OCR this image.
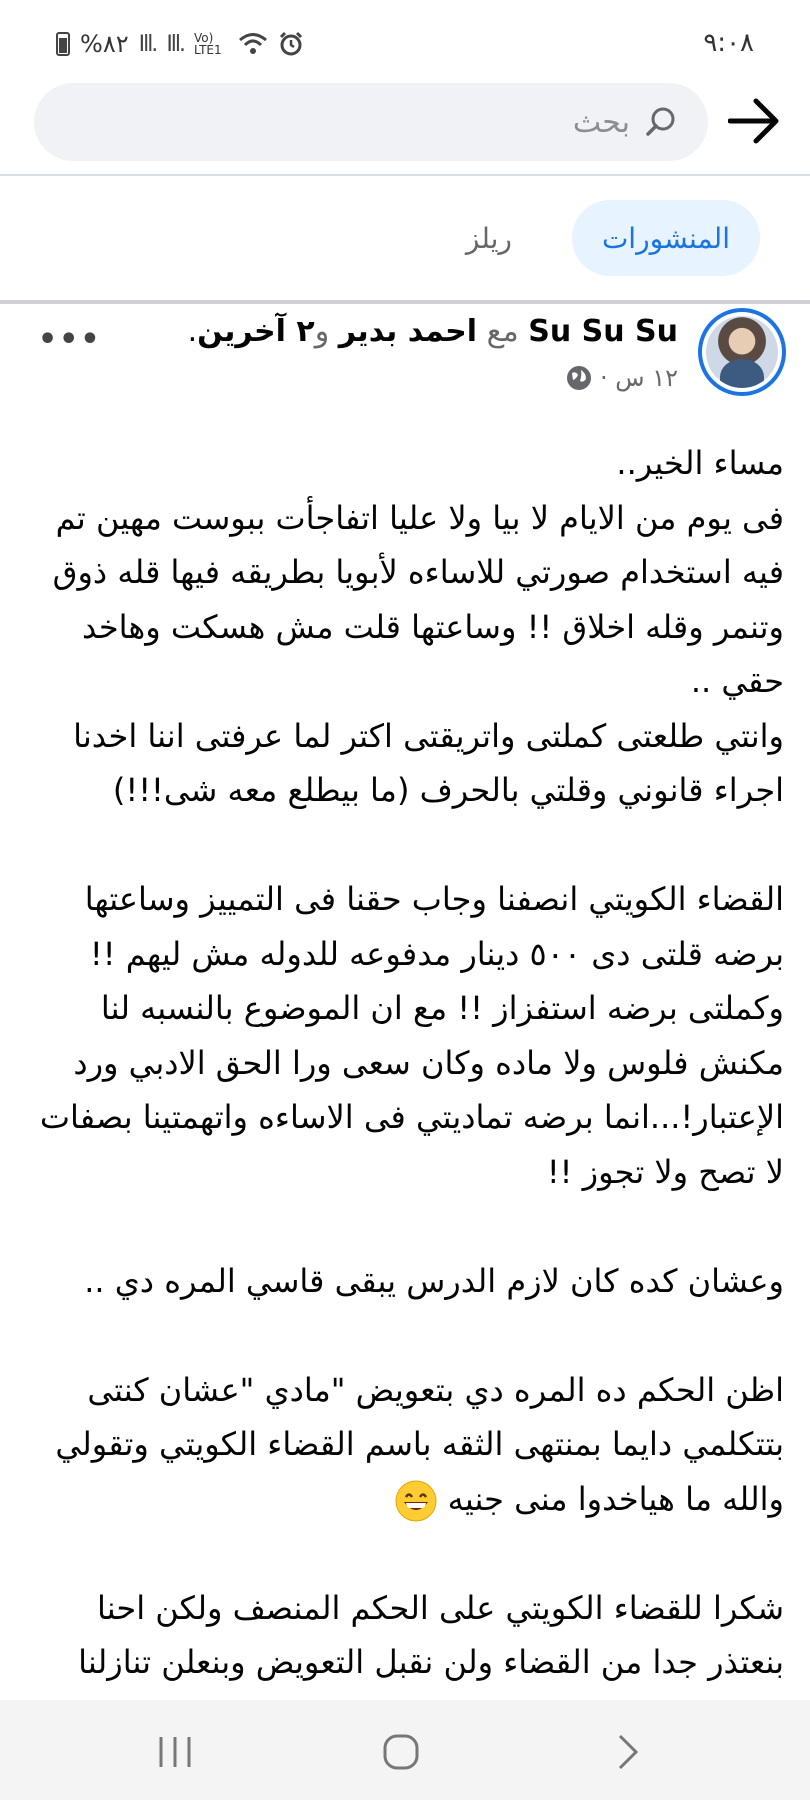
%٨٢ Ill. Ill. Vo) LTE1	٩:٠٨
بحث
المنشورات
ريلز
Su Su Su مع احمد بدير و٢ آخرين.
١٢ س ·
•••
مساء الخير..
فى يوم من الايام لا بيا ولا عليا اتفاجأت ببوست مهين تم فيه استخدام صورتي للاساءه لأبويا بطريقه فيها قله ذوق وتنمر وقله اخلاق !! وساعتها قلت مش هسكت وهاخد حقي ..
وانتي طلعتى كملتى واتريقتى اكتر لما عرفتى اننا اخدنا اجراء قانوني وقلتي بالحرف (ما بيطلع معه شى!!!)

القضاء الكويتي انصفنا وجاب حقنا فى التمييز وساعتها برضه قلتى دى ٥٠٠ دينار مدفوعه للدوله مش ليهم !!
وكملتى برضه استفزاز !! مع ان الموضوع بالنسبه لنا مكنش فلوس ولا ماده وكان سعى ورا الحق الادبي ورد الإعتبار!...انما برضه تماديتي فى الاساءه واتهمتينا بصفات لا تصح ولا تجوز !!

وعشان كده كان لازم الدرس يبقى قاسي المره دي ..

اظن الحكم ده المره دي بتعويض "مادي "عشان كنتى بتتكلمي دايما بمنتهى الثقه باسم القضاء الكويتي وتقولي والله ما هياخدوا منى جنيه

شكرا للقضاء الكويتي على الحكم المنصف ولكن احنا بنعتذر جدا من القضاء ولن نقبل التعويض وبنعلن تنازلنا
